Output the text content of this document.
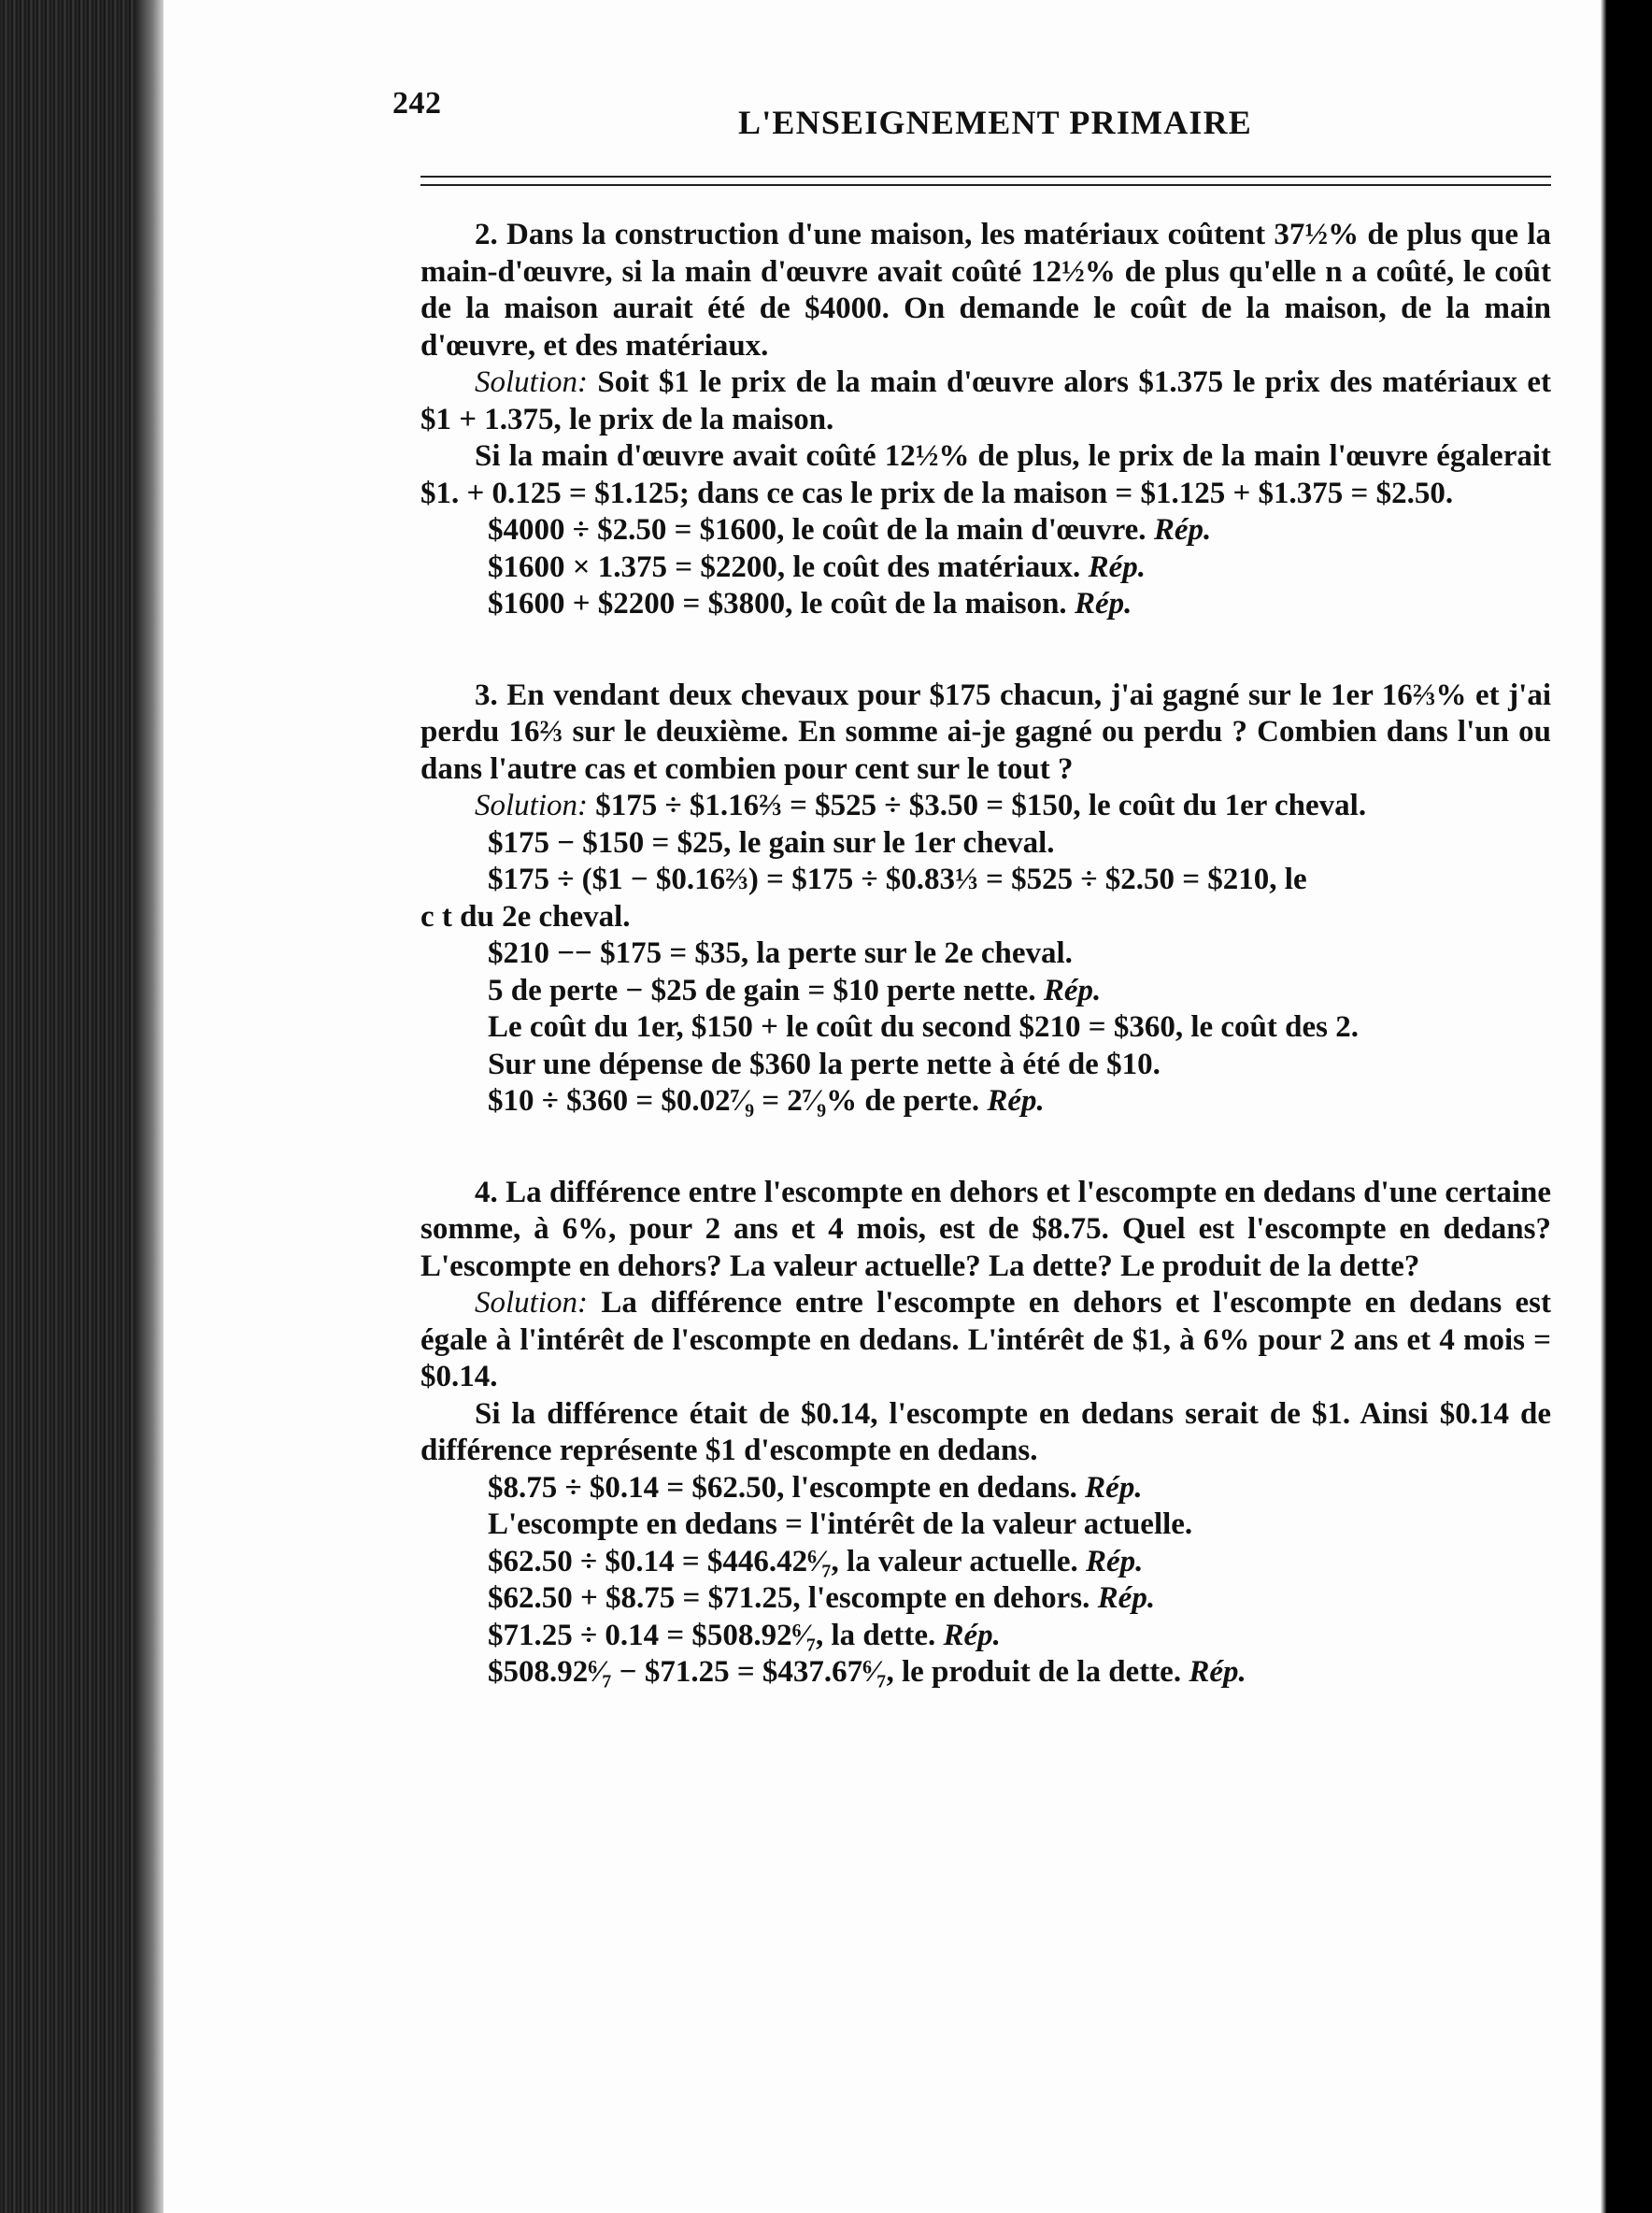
242
L'ENSEIGNEMENT PRIMAIRE

2. Dans la construction d'une maison, les matériaux coûtent 37½% de plus que la main-d'œuvre, si la main d'œuvre avait coûté 12½% de plus qu'elle n a coûté, le coût de la maison aurait été de $4000. On demande le coût de la maison, de la main d'œuvre, et des matériaux.

Solution: Soit $1 le prix de la main d'œuvre alors $1.375 le prix des matériaux et $1 + 1.375, le prix de la maison.

Si la main d'œuvre avait coûté 12½% de plus, le prix de la main l'œuvre égalerait $1. + 0.125 = $1.125; dans ce cas le prix de la maison = $1.125 + $1.375 = $2.50.

$4000 ÷ $2.50 = $1600, le coût de la main d'œuvre. Rép.

$1600 × 1.375 = $2200, le coût des matériaux. Rép.

$1600 + $2200 = $3800, le coût de la maison. Rép.

3. En vendant deux chevaux pour $175 chacun, j'ai gagné sur le 1er 16⅔% et j'ai perdu 16⅔ sur le deuxième. En somme ai-je gagné ou perdu ? Combien dans l'un ou dans l'autre cas et combien pour cent sur le tout ?

Solution: $175 ÷ $1.16⅔ = $525 ÷ $3.50 = $150, le coût du 1er cheval.

$175 − $150 = $25, le gain sur le 1er cheval.

$175 ÷ ($1 − $0.16⅔) = $175 ÷ $0.83⅓ = $525 ÷ $2.50 = $210, le

c t du 2e cheval.

$210 −− $175 = $35, la perte sur le 2e cheval.

5 de perte − $25 de gain = $10 perte nette. Rép.

Le coût du 1er, $150 + le coût du second $210 = $360, le coût des 2.

Sur une dépense de $360 la perte nette à été de $10.

$10 ÷ $360 = $0.02⁷⁄₉ = 2⁷⁄₉% de perte. Rép.

4. La différence entre l'escompte en dehors et l'escompte en dedans d'une certaine somme, à 6%, pour 2 ans et 4 mois, est de $8.75. Quel est l'escompte en dedans? L'escompte en dehors? La valeur actuelle? La dette? Le produit de la dette?

Solution: La différence entre l'escompte en dehors et l'escompte en dedans est égale à l'intérêt de l'escompte en dedans. L'intérêt de $1, à 6% pour 2 ans et 4 mois = $0.14.

Si la différence était de $0.14, l'escompte en dedans serait de $1. Ainsi $0.14 de différence représente $1 d'escompte en dedans.

$8.75 ÷ $0.14 = $62.50, l'escompte en dedans. Rép.

L'escompte en dedans = l'intérêt de la valeur actuelle.

$62.50 ÷ $0.14 = $446.42⁶⁄₇, la valeur actuelle. Rép.

$62.50 + $8.75 = $71.25, l'escompte en dehors. Rép.

$71.25 ÷ 0.14 = $508.92⁶⁄₇, la dette. Rép.

$508.92⁶⁄₇ − $71.25 = $437.67⁶⁄₇, le produit de la dette. Rép.
